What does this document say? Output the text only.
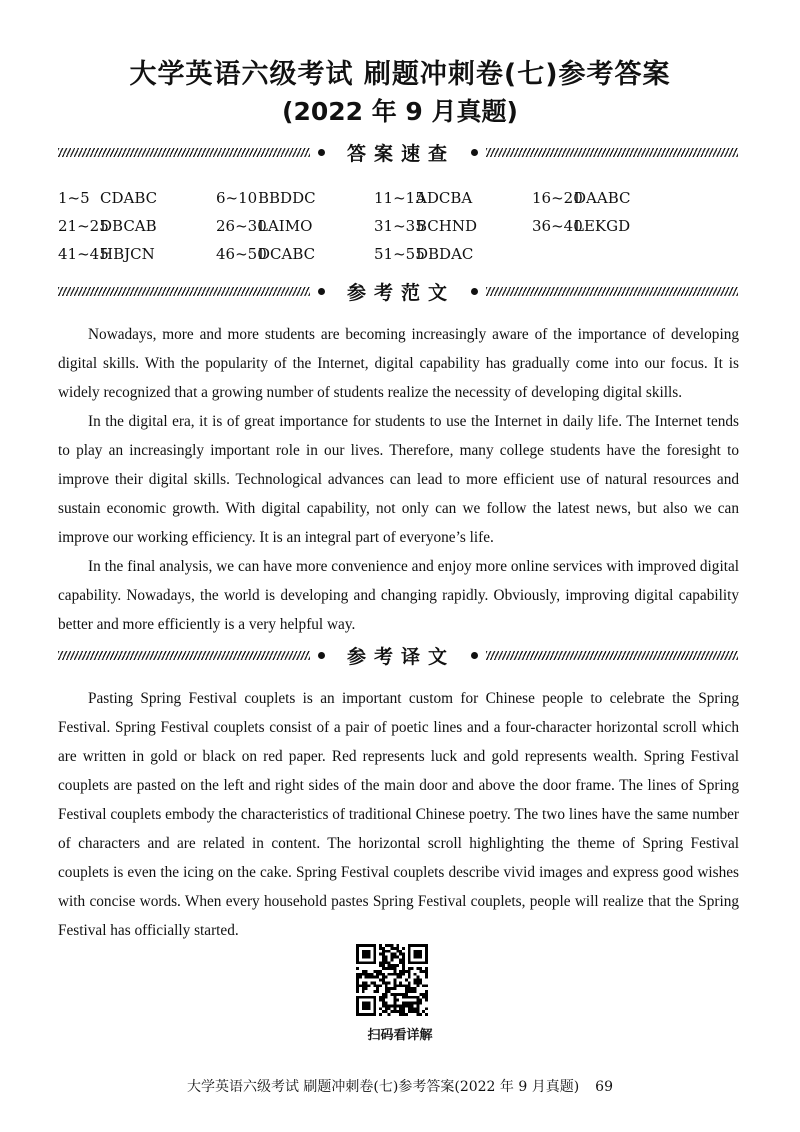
大学英语六级考试 刷题冲刺卷(七)参考答案
(2022 年 9 月真题)
答案速查
1~5 CDABC	6~10BBDDC	11~15ADCBA	16~20DAABC
21~25DBCAB	26~30LAIMO	31~35BCHND	36~40LEKGD
41~45HBJCN	46~50DCABC	51~55DBDAC
参考范文

Nowadays, more and more students are becoming increasingly aware of the importance of developing digital skills. With the popularity of the Internet, digital capability has gradually come into our focus. It is widely recognized that a growing number of students realize the necessity of developing digital skills.

In the digital era, it is of great importance for students to use the Internet in daily life. The Internet tends to play an increasingly important role in our lives. Therefore, many college students have the foresight to improve their digital skills. Technological advances can lead to more efficient use of natural resources and sustain economic growth. With digital capability, not only can we follow the latest news, but also we can improve our working efficiency. It is an integral part of everyone’s life.

In the final analysis, we can have more convenience and enjoy more online services with improved digital capability. Nowadays, the world is developing and changing rapidly. Obviously, improving digital capability better and more efficiently is a very helpful way.

参考译文

Pasting Spring Festival couplets is an important custom for Chinese people to celebrate the Spring Festival. Spring Festival couplets consist of a pair of poetic lines and a four-character horizontal scroll which are written in gold or black on red paper. Red represents luck and gold represents wealth. Spring Festival couplets are pasted on the left and right sides of the main door and above the door frame. The lines of Spring Festival couplets embody the characteristics of traditional Chinese poetry. The two lines have the same number of characters and are related in content. The horizontal scroll highlighting the theme of Spring Festival couplets is even the icing on the cake. Spring Festival couplets describe vivid images and express good wishes with concise words. When every household pastes Spring Festival couplets, people will realize that the Spring Festival has officially started.

扫码看详解
大学英语六级考试 刷题冲刺卷(七)参考答案(2022 年 9 月真题) 69
